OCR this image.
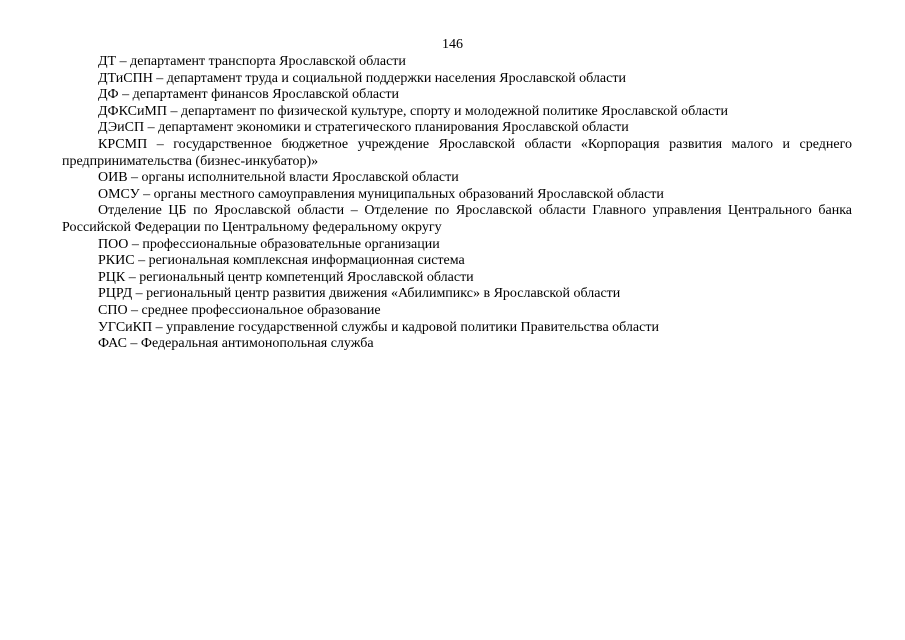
146

ДТ – департамент транспорта Ярославской области

ДТиСПН – департамент труда и социальной поддержки населения Ярославской области

ДФ – департамент финансов Ярославской области

ДФКСиМП – департамент по физической культуре, спорту и молодежной политике Ярославской области

ДЭиСП – департамент экономики и стратегического планирования Ярославской области

КРСМП – государственное бюджетное учреждение Ярославской области «Корпорация развития малого и среднего предпринимательства (бизнес-инкубатор)»

ОИВ – органы исполнительной власти Ярославской области

ОМСУ – органы местного самоуправления муниципальных образований Ярославской области

Отделение ЦБ по Ярославской области – Отделение по Ярославской области Главного управления Центрального банка Российской Федерации по Центральному федеральному округу

ПОО – профессиональные образовательные организации

РКИС – региональная комплексная информационная система

РЦК – региональный центр компетенций Ярославской области

РЦРД – региональный центр развития движения «Абилимпикс» в Ярославской области

СПО – среднее профессиональное образование

УГСиКП – управление государственной службы и кадровой политики Правительства области

ФАС – Федеральная антимонопольная служба
